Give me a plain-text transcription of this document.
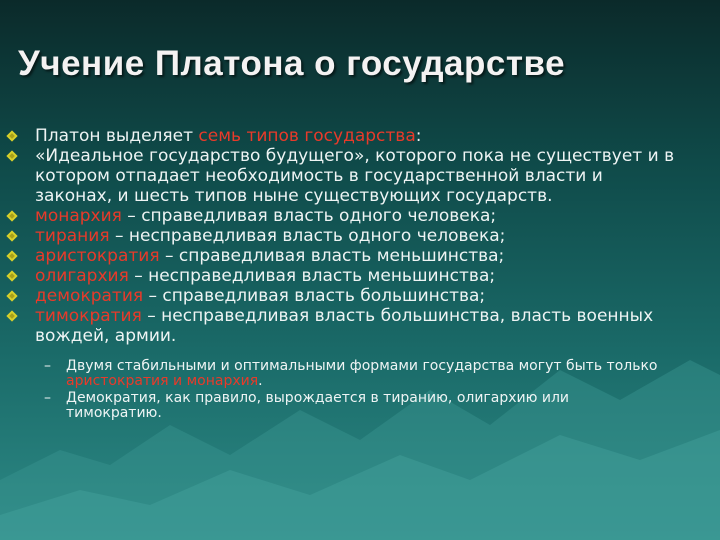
Учение Платона о государстве
Платон выделяет семь типов государства:
«Идеальное государство будущего», которого пока не существует и в котором отпадает необходимость в государственной власти и законах, и шесть типов ныне существующих государств.
монархия – справедливая власть одного человека;
тирания – несправедливая власть одного человека;
аристократия – справедливая власть меньшинства;
олигархия – несправедливая власть меньшинства;
демократия – справедливая власть большинства;
тимократия – несправедливая власть большинства, власть военных вождей, армии.
– Двумя стабильными и оптимальными формами государства могут быть только аристократия и монархия.
– Демократия, как правило, вырождается в тиранию, олигархию или тимократию.
